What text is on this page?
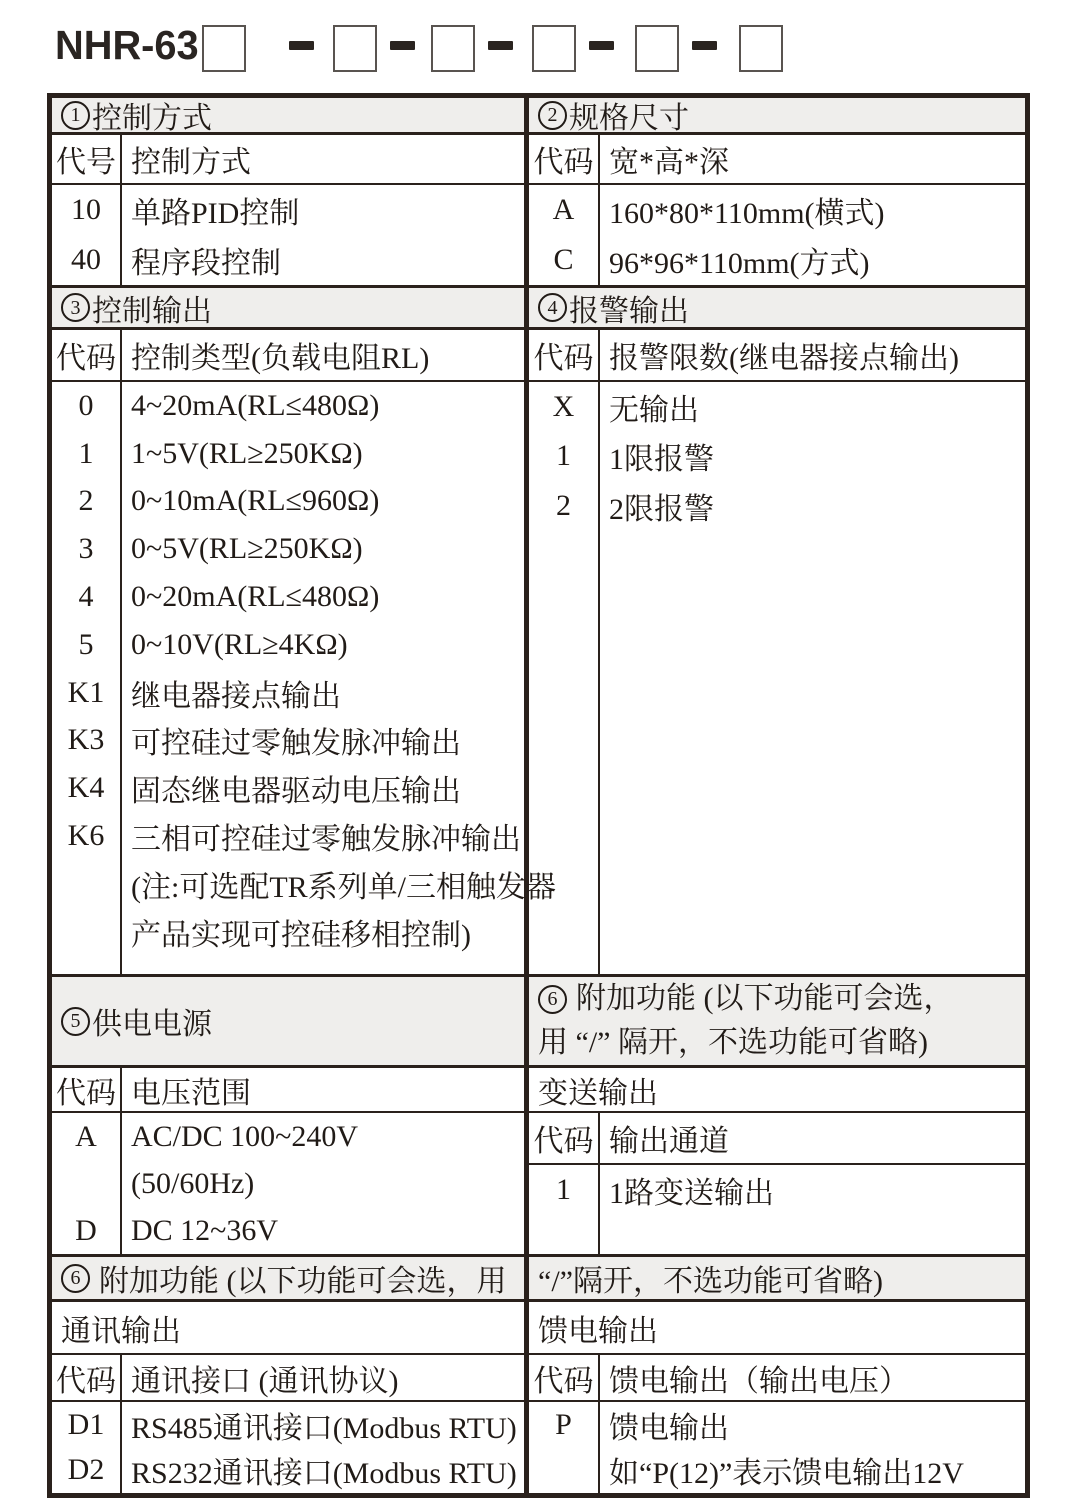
NHR-63
1 控制方式
代号 控制方式
10
40
单路PID控制
程序段控制
3 控制输出
代码 控制类型(负载电阻RL)
0
1
2
3
4
5
K1
K3
K4
K6
4~20mA(RL≤480Ω)
1~5V(RL≥250KΩ)
0~10mA(RL≤960Ω)
0~5V(RL≥250KΩ)
0~20mA(RL≤480Ω)
0~10V(RL≥4KΩ)
继电器接点输出
可控硅过零触发脉冲输出
固态继电器驱动电压输出
三相可控硅过零触发脉冲输出
(注:可选配TR系列单/三相触发器
产品实现可控硅移相控制)
5 供电电源
代码 电压范围
A
D
AC/DC 100~240V
(50/60Hz)
DC 12~36V
6 附加功能 (以下功能可会选，用
通讯输出
代码 通讯接口 (通讯协议)
D1
D2
RS485通讯接口(Modbus RTU)
RS232通讯接口(Modbus RTU)
2 规格尺寸
代码 宽*高*深
A
C
160*80*110mm(横式)
96*96*110mm(方式)
4 报警输出
代码 报警限数(继电器接点输出)
X
1
2
无输出
1限报警
2限报警
6 附加功能 (以下功能可会选，
用 “/” 隔开，不选功能可省略)
变送输出
代码 输出通道
1	1路变送输出
“/”隔开，不选功能可省略)
馈电输出
代码 馈电输出（输出电压）
P	馈电输出
如“P(12)”表示馈电输出12V
